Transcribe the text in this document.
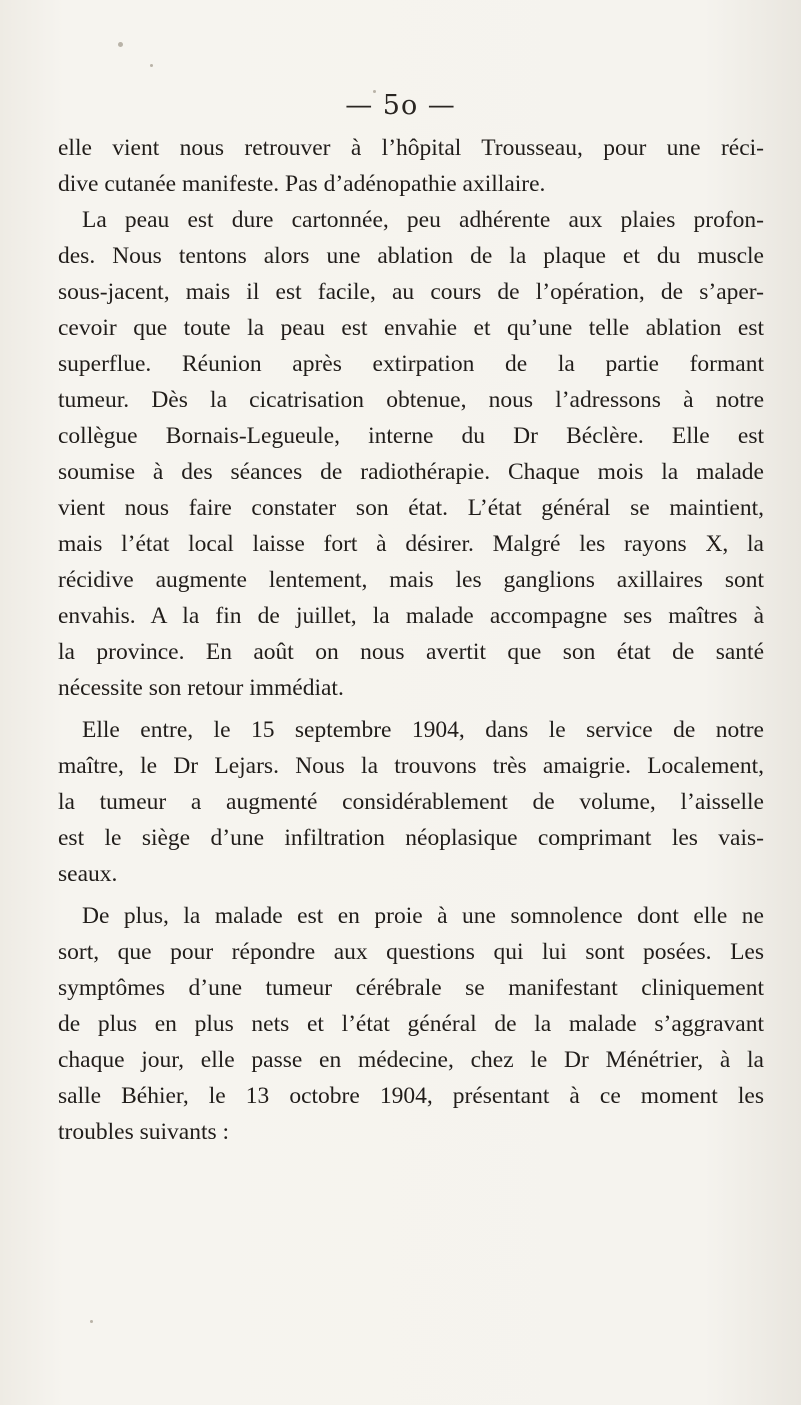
— 5o —
elle vient nous retrouver à l’hôpital Trousseau, pour une réci-
dive cutanée manifeste. Pas d’adénopathie axillaire.
La peau est dure cartonnée, peu adhérente aux plaies profon-
des. Nous tentons alors une ablation de la plaque et du muscle
sous-jacent, mais il est facile, au cours de l’opération, de s’aper-
cevoir que toute la peau est envahie et qu’une telle ablation est
superflue. Réunion après extirpation de la partie formant
tumeur. Dès la cicatrisation obtenue, nous l’adressons à notre
collègue Bornais-Legueule, interne du Dr Béclère. Elle est
soumise à des séances de radiothérapie. Chaque mois la malade
vient nous faire constater son état. L’état général se maintient,
mais l’état local laisse fort à désirer. Malgré les rayons X, la
récidive augmente lentement, mais les ganglions axillaires sont
envahis. A la fin de juillet, la malade accompagne ses maîtres à
la province. En août on nous avertit que son état de santé
nécessite son retour immédiat.
Elle entre, le 15 septembre 1904, dans le service de notre
maître, le Dr Lejars. Nous la trouvons très amaigrie. Localement,
la tumeur a augmenté considérablement de volume, l’aisselle
est le siège d’une infiltration néoplasique comprimant les vais-
seaux.
De plus, la malade est en proie à une somnolence dont elle ne
sort, que pour répondre aux questions qui lui sont posées. Les
symptômes d’une tumeur cérébrale se manifestant cliniquement
de plus en plus nets et l’état général de la malade s’aggravant
chaque jour, elle passe en médecine, chez le Dr Ménétrier, à la
salle Béhier, le 13 octobre 1904, présentant à ce moment les
troubles suivants :
